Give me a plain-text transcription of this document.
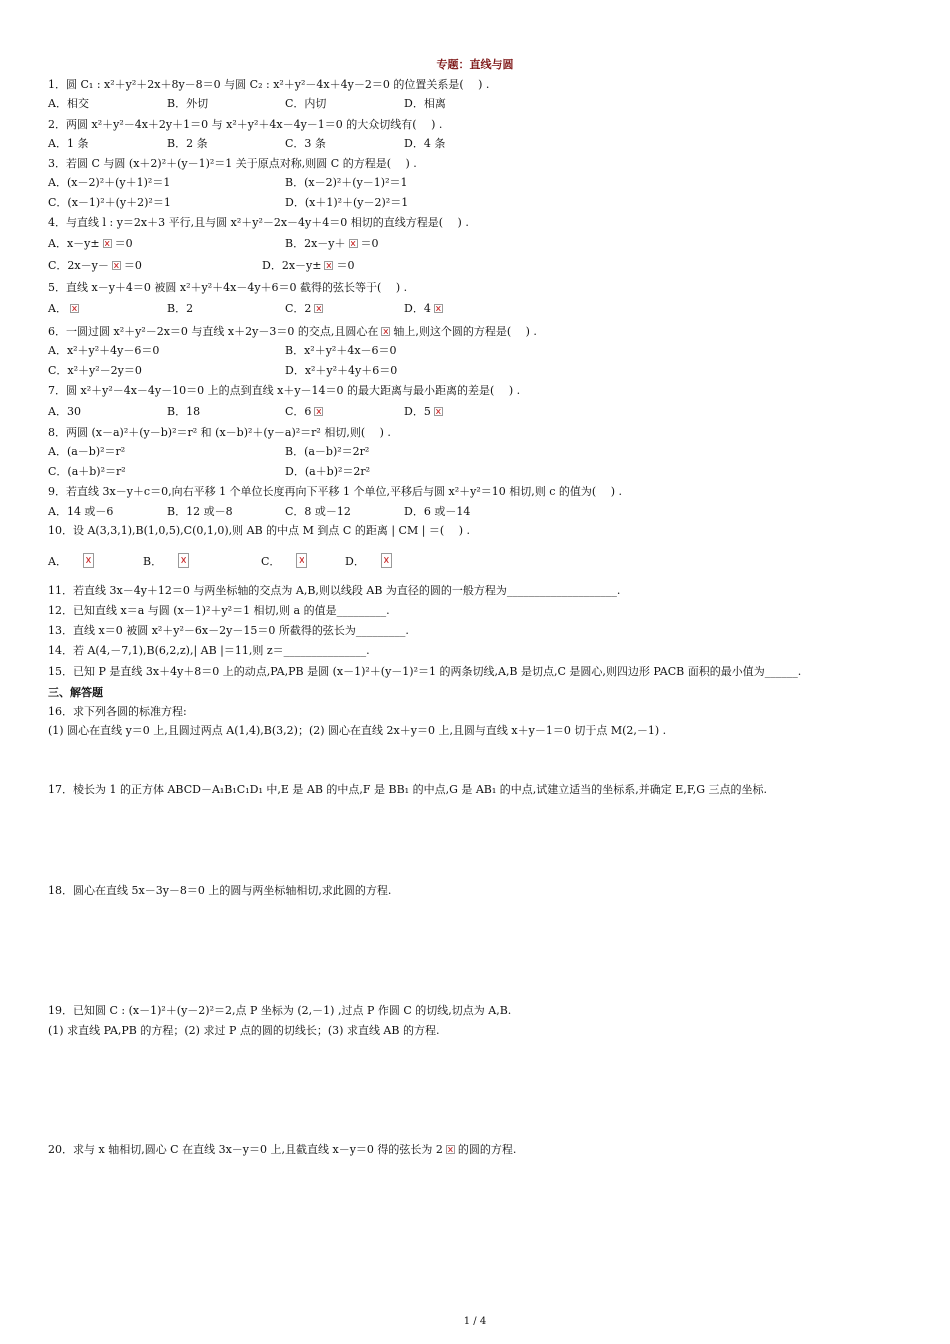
专题：直线与圆
1．圆 C₁ : x²＋y²＋2x＋8y－8＝0 与圆 C₂ : x²＋y²－4x＋4y－2＝0 的位置关系是(　 ) .
2．两圆 x²＋y²－4x＋2y＋1＝0 与 x²＋y²＋4x－4y－1＝0 的大众切线有(　 ) .
3．若圆 C 与圆 (x＋2)²＋(y－1)²＝1 关于原点对称,则圆 C 的方程是(　 ) .
4．与直线 l : y＝2x＋3 平行,且与圆 x²＋y²－2x－4y＋4＝0 相切的直线方程是(　 ) .
5．直线 x－y＋4＝0 被圆 x²＋y²＋4x－4y＋6＝0 截得的弦长等于(　 ) .
6．一圆过圆 x²＋y²－2x＝0 与直线 x＋2y－3＝0 的交点,且圆心在 轴上,则这个圆的方程是(　 ) .
7．圆 x²＋y²－4x－4y－10＝0 上的点到直线 x＋y－14＝0 的最大距离与最小距离的差是(　 ) .
8．两圆 (x－a)²＋(y－b)²＝r² 和 (x－b)²＋(y－a)²＝r² 相切,则(　 ) .
9．若直线 3x－y＋c＝0,向右平移 1 个单位长度再向下平移 1 个单位,平移后与圆 x²＋y²＝10 相切,则 c 的值为(　 ) .
10．设 A(3,3,1),B(1,0,5),C(0,1,0),则 AB 的中点 M 到点 C 的距离 | CM | ＝(　 ) .
11．若直线 3x－4y＋12＝0 与两坐标轴的交点为 A,B,则以线段 AB 为直径的圆的一般方程为____________________.
12．已知直线 x＝a 与圆 (x－1)²＋y²＝1 相切,则 a 的值是_________.
13．直线 x＝0 被圆 x²＋y²－6x－2y－15＝0 所截得的弦长为_________.
14．若 A(4,－7,1),B(6,2,z),| AB |＝11,则 z＝_______________.
15．已知 P 是直线 3x＋4y＋8＝0 上的动点,PA,PB 是圆 (x－1)²＋(y－1)²＝1 的两条切线,A,B 是切点,C 是圆心,则四边形 PACB 面积的最小值为______.
三、解答题
16．求下列各圆的标准方程:
(1) 圆心在直线 y＝0 上,且圆过两点 A(1,4),B(3,2)；(2) 圆心在直线 2x＋y＝0 上,且圆与直线 x＋y－1＝0 切于点 M(2,－1) .
17．棱长为 1 的正方体 ABCD－A₁B₁C₁D₁ 中,E 是 AB 的中点,F 是 BB₁ 的中点,G 是 AB₁ 的中点,试建立适当的坐标系,并确定 E,F,G 三点的坐标.
18．圆心在直线 5x－3y－8＝0 上的圆与两坐标轴相切,求此圆的方程.
19．已知圆 C : (x－1)²＋(y－2)²＝2,点 P 坐标为 (2,－1) ,过点 P 作圆 C 的切线,切点为 A,B.
(1) 求直线 PA,PB 的方程；(2) 求过 P 点的圆的切线长；(3) 求直线 AB 的方程.
20．求与 x 轴相切,圆心 C 在直线 3x－y＝0 上,且截直线 x－y＝0 得的弦长为 2 的圆的方程.
A．相交	B．外切	C．内切	D．相离
A．1 条	B．2 条	C．3 条	D．4 条
A．(x－2)²＋(y＋1)²＝1	B．(x－2)²＋(y－1)²＝1
C．(x－1)²＋(y＋2)²＝1	D．(x＋1)²＋(y－2)²＝1
A．x－y± ＝0	B．2x－y＋ ＝0
C．2x－y－ ＝0	D．2x－y± ＝0
A．	B．2	C．2	D．4
A．x²＋y²＋4y－6＝0	B．x²＋y²＋4x－6＝0
C．x²＋y²－2y＝0	D．x²＋y²＋4y＋6＝0
A．30	B．18	C．6	D．5
A．(a－b)²＝r²	B．(a－b)²＝2r²
C．(a＋b)²＝r²	D．(a＋b)²＝2r²
A．14 或－6	B．12 或－8	C．8 或－12	D．6 或－14
A．	B．	C．	D．
1 / 4
